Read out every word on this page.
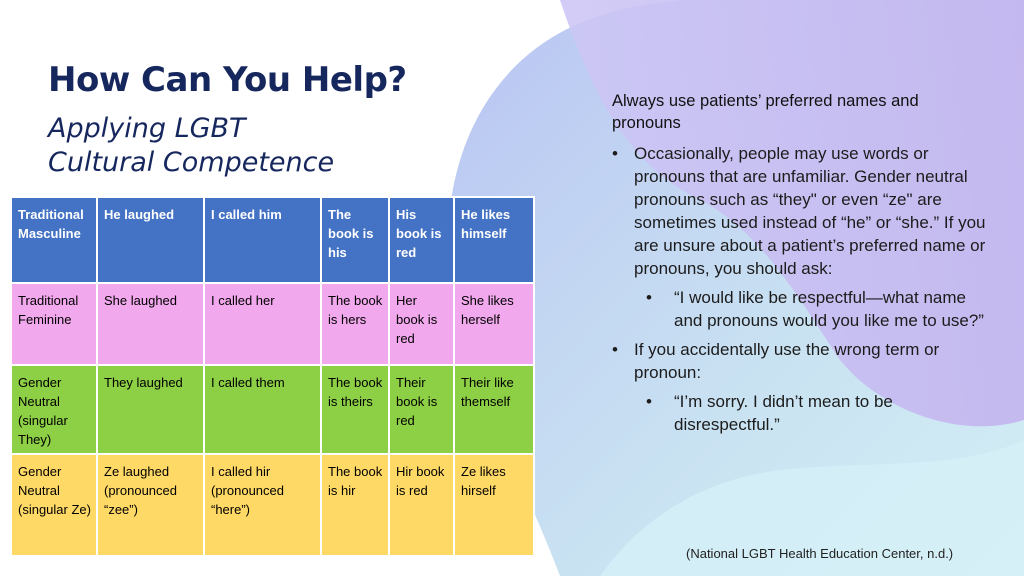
How Can You Help?
Applying LGBT
Cultural Competence
Traditional Masculine	He laughed	I called him	The book is his	His book is red	He likes himself
Traditional Feminine	She laughed	I called her	The book is hers	Her book is red	She likes herself
Gender Neutral (singular They)	They laughed	I called them	The book is theirs	Their book is red	Their like themself
Gender Neutral (singular Ze)	Ze laughed (pronounced “zee”)	I called hir (pronounced “here”)	The book is hir	Hir book is red	Ze likes hirself
Always use patients’ preferred names and pronouns
• Occasionally, people may use words or pronouns that are unfamiliar. Gender neutral pronouns such as “they" or even “ze" are sometimes used instead of “he” or “she.” If you are unsure about a patient’s preferred name or pronouns, you should ask:
• “I would like be respectful—what name and pronouns would you like me to use?”
• If you accidentally use the wrong term or pronoun:
• “I’m sorry. I didn’t mean to be disrespectful.”
(National LGBT Health Education Center, n.d.)
